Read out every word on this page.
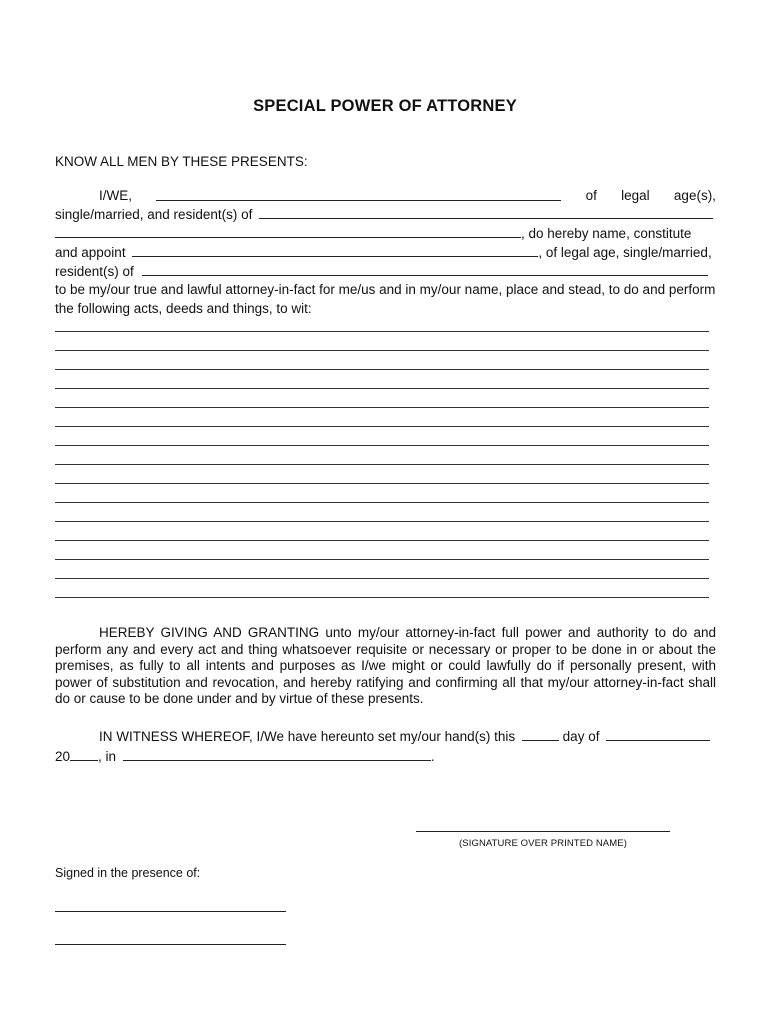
SPECIAL POWER OF ATTORNEY
KNOW ALL MEN BY THESE PRESENTS:
I/WE,	of legal age(s),
single/married, and resident(s) of
, do hereby name, constitute
and appoint	, of legal age, single/married,
resident(s) of
to be my/our true and lawful attorney-in-fact for me/us and in my/our name, place and stead, to do and perform
the following acts, deeds and things, to wit:
HEREBY GIVING AND GRANTING unto my/our attorney-in-fact full power and authority to do and perform any and every act and thing whatsoever requisite or necessary or proper to be done in or about the premises, as fully to all intents and purposes as I/we might or could lawfully do if personally present, with power of substitution and revocation, and hereby ratifying and confirming all that my/our attorney-in-fact shall do or cause to be done under and by virtue of these presents.
IN WITNESS WHEREOF, I/We have hereunto set my/our hand(s) this	day of
20 , in	.
(SIGNATURE OVER PRINTED NAME)
Signed in the presence of:
